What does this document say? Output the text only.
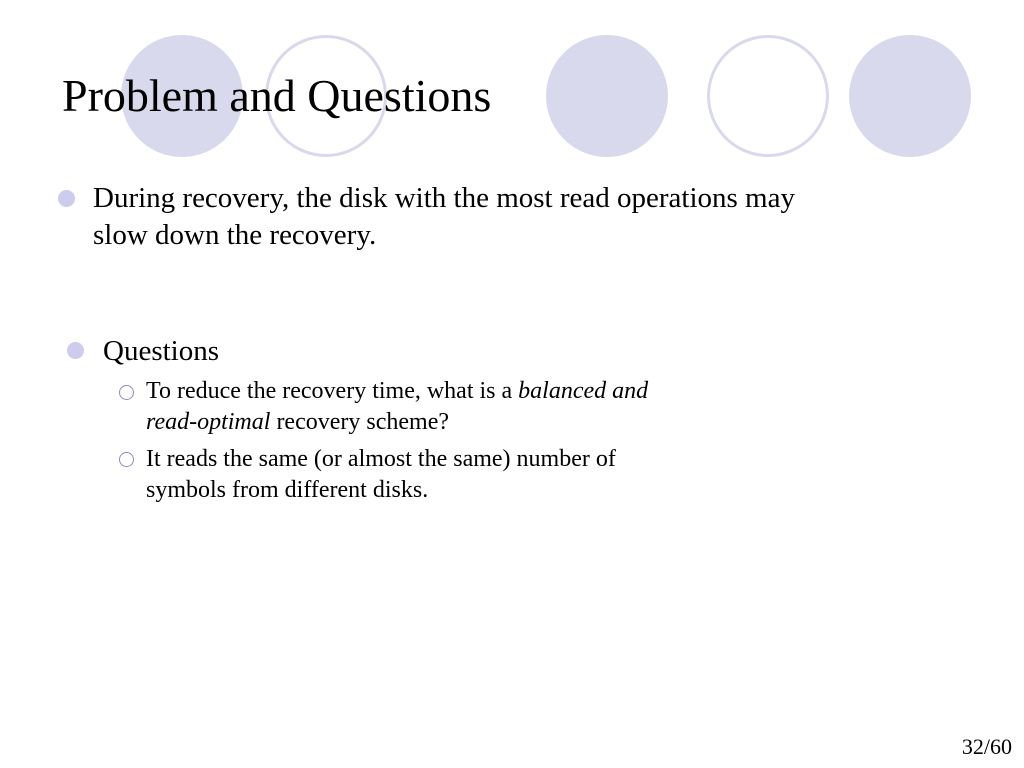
Problem and Questions
During recovery, the disk with the most read operations may
slow down the recovery.
Questions
To reduce the recovery time, what is a balanced and
read-optimal recovery scheme?
It reads the same (or almost the same) number of
symbols from different disks.
32/60
